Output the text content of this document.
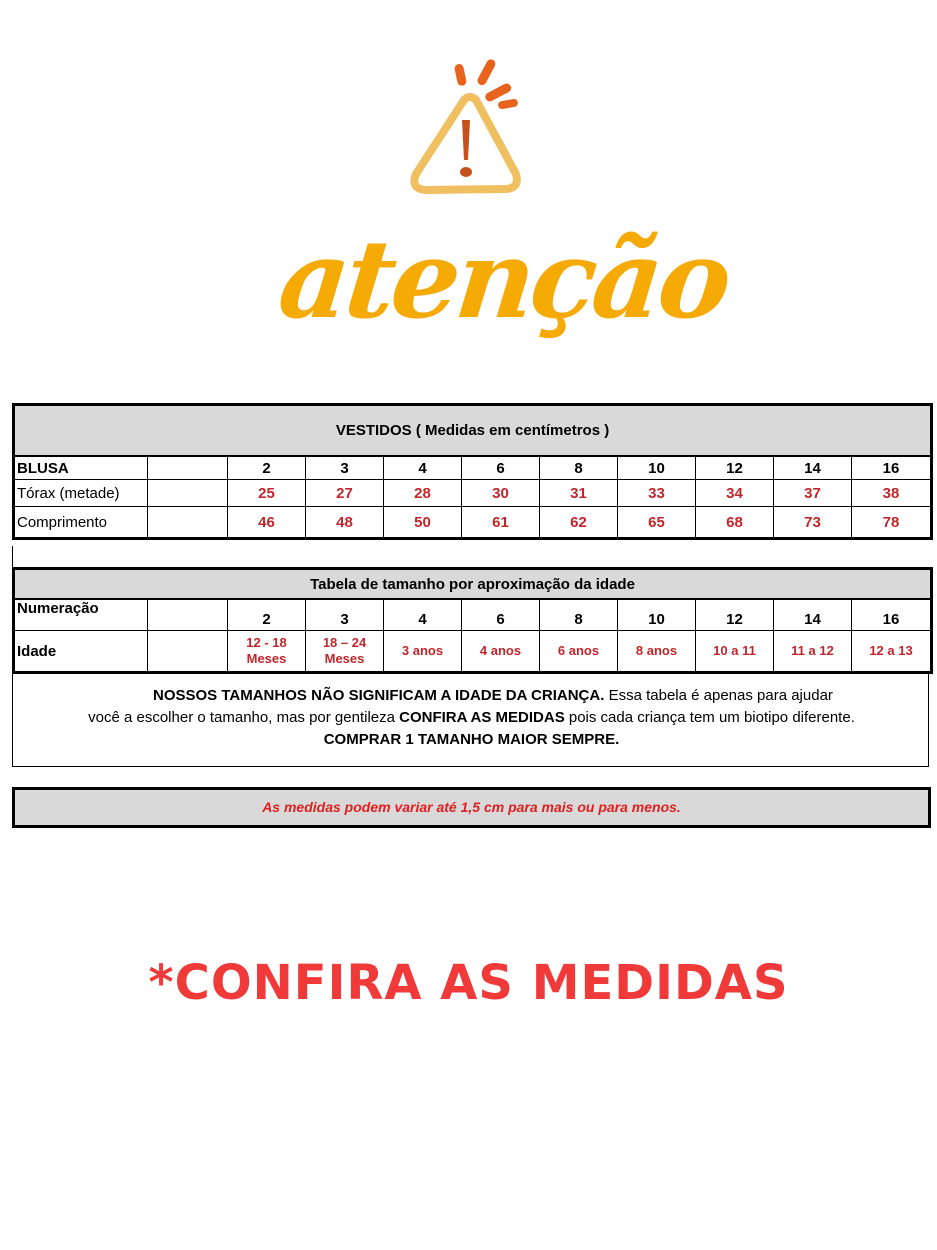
atenção
VESTIDOS ( Medidas em centímetros )										
BLUSA		2	3	4	6	8	10	12	14	16
Tórax (metade)		25	27	28	30	31	33	34	37	38
Comprimento		46	48	50	61	62	65	68	73	78
Tabela de tamanho por aproximação da idade										
Numeração		2	3	4	6	8	10	12	14	16
Idade		12 - 18 Meses	18 – 24 Meses	3 anos	4 anos	6 anos	8 anos	10 a 11	11 a 12	12 a 13

NOSSOS TAMANHOS NÃO SIGNIFICAM A IDADE DA CRIANÇA. Essa tabela é apenas para ajudar

você a escolher o tamanho, mas por gentileza CONFIRA AS MEDIDAS pois cada criança tem um biotipo diferente.

COMPRAR 1 TAMANHO MAIOR SEMPRE.

As medidas podem variar até 1,5 cm para mais ou para menos.
*CONFIRA AS MEDIDAS
